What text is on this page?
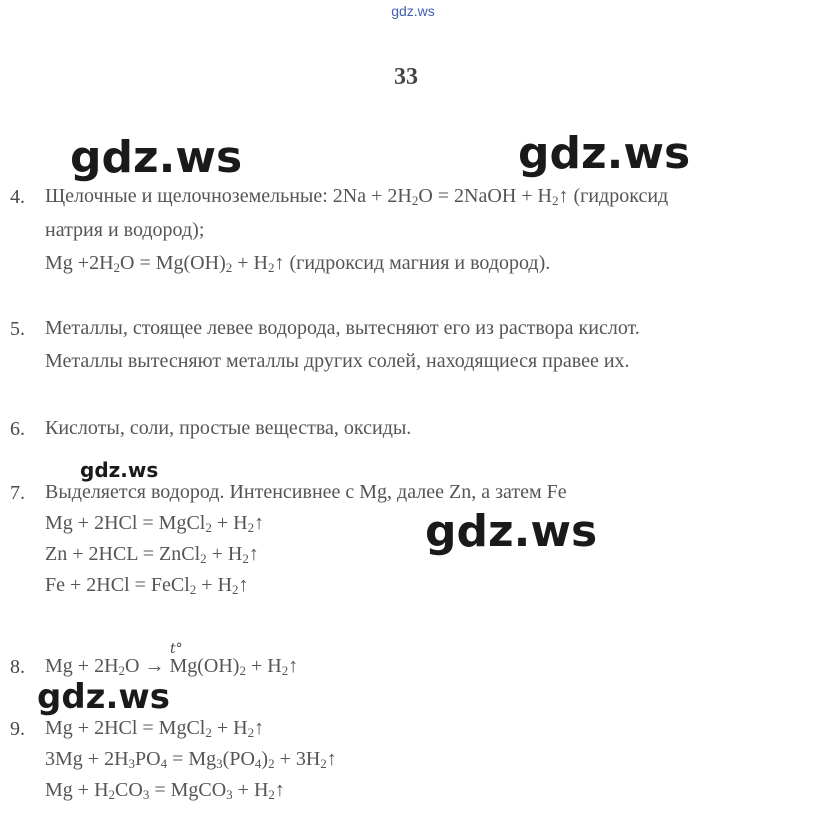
gdz.ws
33
gdz.ws	gdz.ws
gdz.ws
gdz.ws
gdz.ws
4.	Щелочные и щелочноземельные: $2Na + 2H_2O$ = 2NaOH + $H_2↑$ (гидроксид
натрия и водород);
$Mg +2H_2O = Mg(OH)_2$ + $H_2↑$ (гидроксид магния и водород).
5.	Металлы, стоящее левее водорода, вытесняют его из раствора кислот.
Металлы вытесняют металлы других солей, находящиеся правее их.
6.	Кислоты, соли, простые вещества, оксиды.
7.	Выделяется водород. Интенсивнее с Mg, далее Zn, а затем Fe
Mg + 2HCl = MgCl$_2$ + $H_2↑$
Zn + 2HCL = ZnCl$_2$ + $H_2↑$
Fe + 2HCl = FeCl$_2$ + $H_2↑$
8.
t°
$Mg + 2H_2O \to Mg(OH)_2$ + $H_2↑$
9.	Mg + 2HCl = MgCl$_2$ + $H_2↑$
$3Mg + 2H_3PO_4 = Mg_3(PO_4)_2$ + $3H_2↑$
$Mg + H_2CO_3$ = MgCO$_3$ + $H_2↑$
